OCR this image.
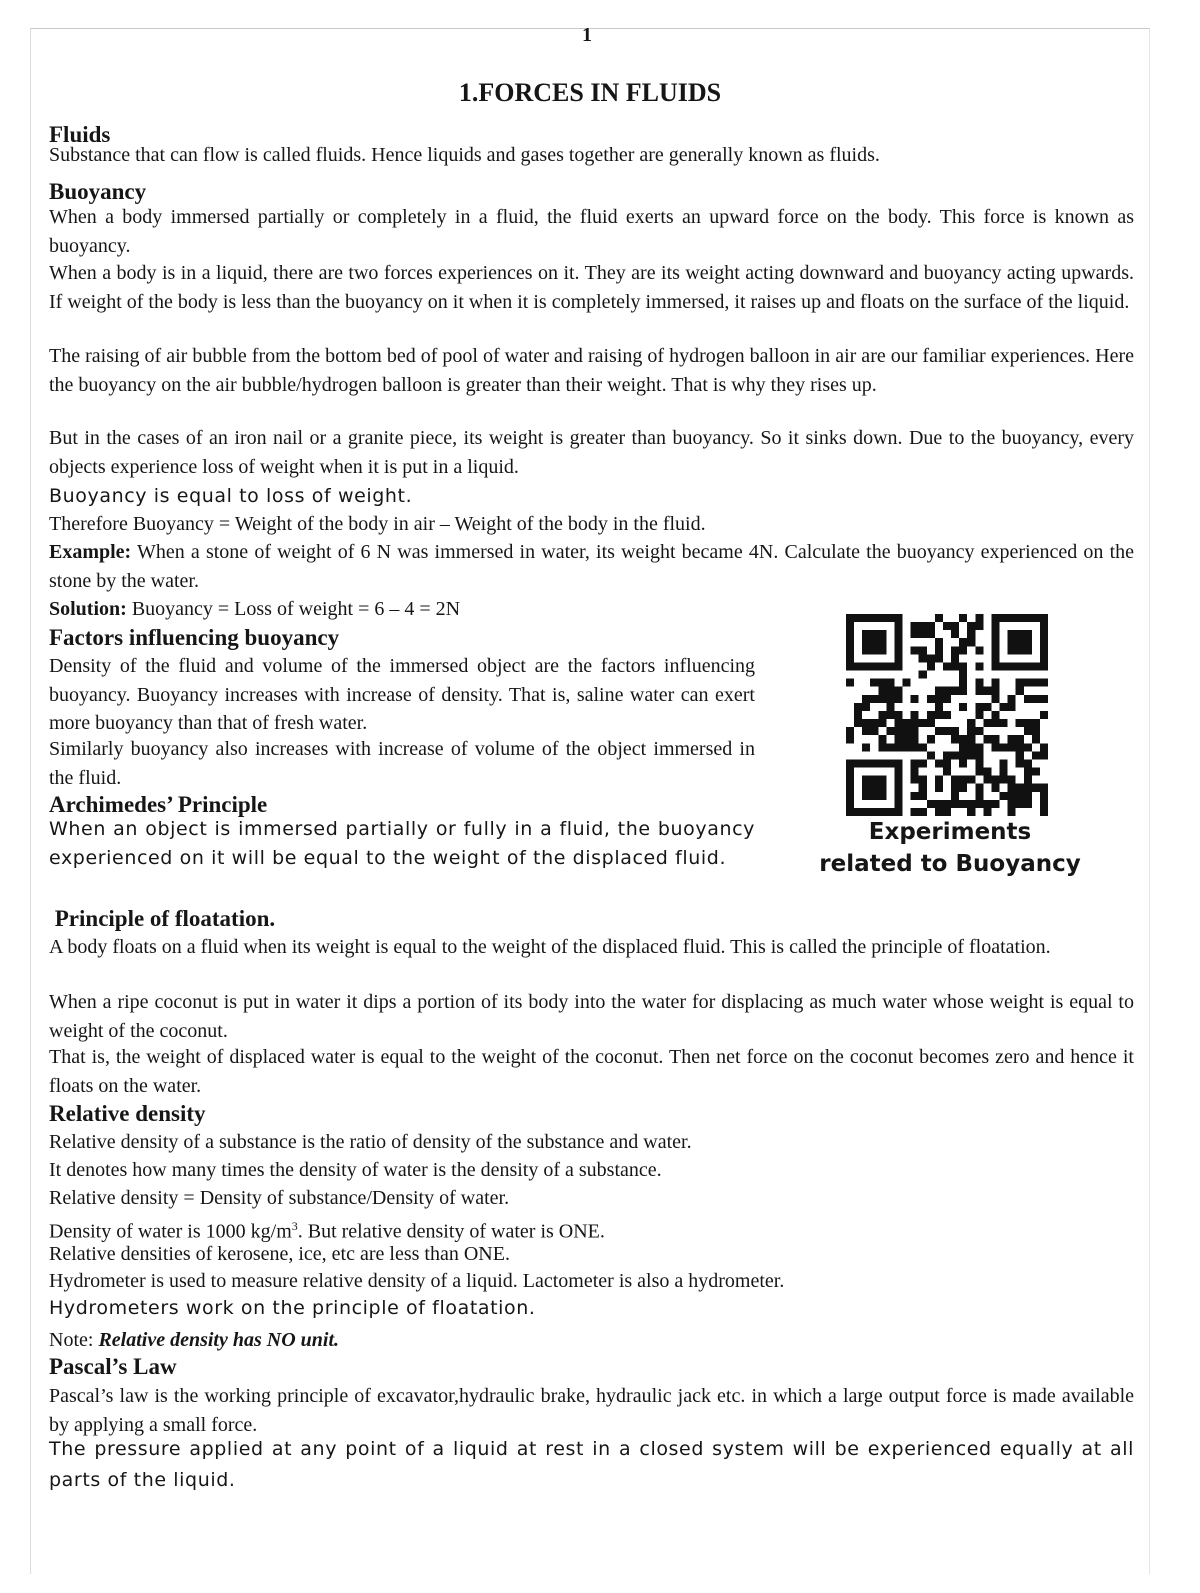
1
1.FORCES IN FLUIDS
Fluids
Substance that can flow is called fluids. Hence liquids and gases together are generally known as fluids.
Buoyancy
When a body immersed partially or completely in a fluid, the fluid exerts an upward force on the body. This force is known as buoyancy.
When a body is in a liquid, there are two forces experiences on it. They are its weight acting downward and buoyancy acting upwards. If weight of the body is less than the buoyancy on it when it is completely immersed, it raises up and floats on the surface of the liquid.
The raising of air bubble from the bottom bed of pool of water and raising of hydrogen balloon in air are our familiar experiences. Here the buoyancy on the air bubble/hydrogen balloon is greater than their weight. That is why they rises up.
But in the cases of an iron nail or a granite piece, its weight is greater than buoyancy. So it sinks down. Due to the buoyancy, every objects experience loss of weight when it is put in a liquid.
Buoyancy is equal to loss of weight.
Therefore Buoyancy = Weight of the body in air – Weight of the body in the fluid.
Example: When a stone of weight of 6 N was immersed in water, its weight became 4N. Calculate the buoyancy experienced on the stone by the water.
Solution: Buoyancy = Loss of weight = 6 – 4 = 2N
Factors influencing buoyancy
Density of the fluid and volume of the immersed object are the factors influencing buoyancy. Buoyancy increases with increase of density. That is, saline water can exert more buoyancy than that of fresh water.
Similarly buoyancy also increases with increase of volume of the object immersed in the fluid.
Archimedes’ Principle
When an object is immersed partially or fully in a fluid, the buoyancy experienced on it will be equal to the weight of the displaced fluid.
Experiments
related to Buoyancy
Principle of floatation.
A body floats on a fluid when its weight is equal to the weight of the displaced fluid. This is called the principle of floatation.
When a ripe coconut is put in water it dips a portion of its body into the water for displacing as much water whose weight is equal to weight of the coconut.
That is, the weight of displaced water is equal to the weight of the coconut. Then net force on the coconut becomes zero and hence it floats on the water.
Relative density
Relative density of a substance is the ratio of density of the substance and water.
It denotes how many times the density of water is the density of a substance.
Relative density = Density of substance/Density of water.
Density of water is 1000 $kg/m^3$. But relative density of water is ONE.
Relative densities of kerosene, ice, etc are less than ONE.
Hydrometer is used to measure relative density of a liquid. Lactometer is also a hydrometer.
Hydrometers work on the principle of floatation.
Note: Relative density has NO unit.
Pascal’s Law
Pascal’s law is the working principle of excavator,hydraulic brake, hydraulic jack etc. in which a large output force is made available by applying a small force.
The pressure applied at any point of a liquid at rest in a closed system will be experienced equally at all parts of the liquid.
